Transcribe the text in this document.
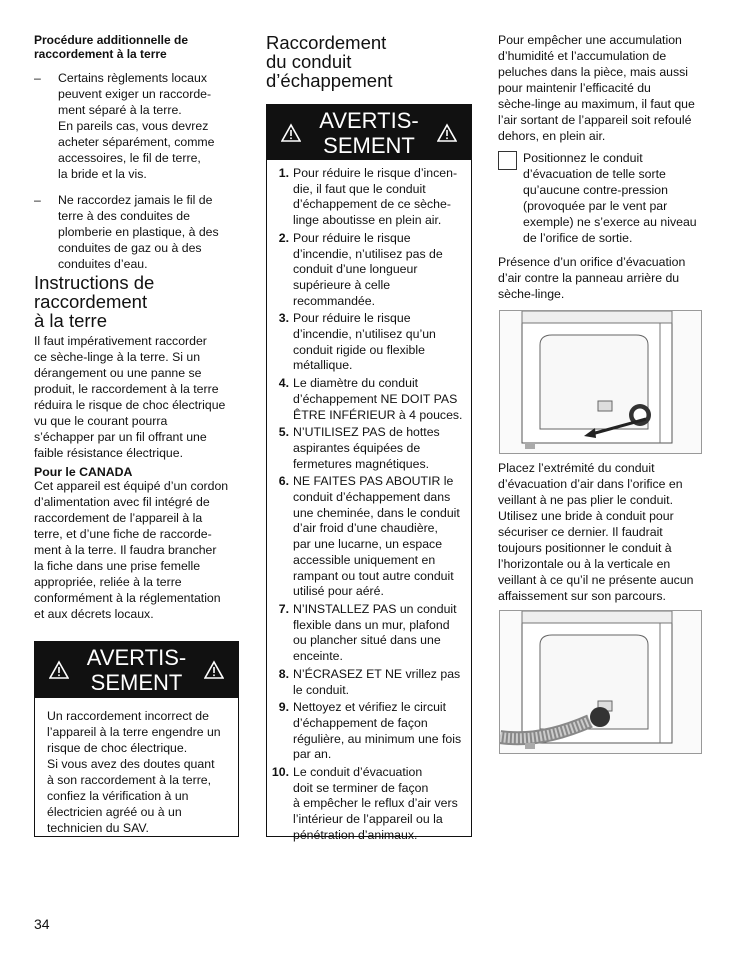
Procédure additionnelle de
raccordement à la terre

– Certains règlements locaux
peuvent exiger un raccorde-
ment séparé à la terre.
En pareils cas, vous devrez
acheter séparément, comme
accessoires, le fil de terre,
la bride et la vis.
– Ne raccordez jamais le fil de
terre à des conduites de
plomberie en plastique, à des
conduites de gaz ou à des
conduites d’eau.
Instructions de
raccordement
à la terre

Il faut impérativement raccorder
ce sèche-linge à la terre. Si un
dérangement ou une panne se
produit, le raccordement à la terre
réduira le risque de choc électrique
vu que le courant pourra
s’échapper par un fil offrant une
faible résistance électrique.

Pour le CANADA

Cet appareil est équipé d’un cordon
d’alimentation avec fil intégré de
raccordement de l’appareil à la
terre, et d’une fiche de raccorde-
ment à la terre. Il faudra brancher
la fiche dans une prise femelle
appropriée, reliée à la terre
conformément à la réglementation
et aux décrets locaux.

AVERTIS-
SEMENT

Un raccordement incorrect de
l’appareil à la terre engendre un
risque de choc électrique.
Si vous avez des doutes quant
à son raccordement à la terre,
confiez la vérification à un
électricien agréé ou à un
technicien du SAV.

Raccordement
du conduit
d’échappement
AVERTIS-
SEMENT
1. Pour réduire le risque d’incen-
die, il faut que le conduit
d’échappement de ce sèche-
linge aboutisse en plein air.
2. Pour réduire le risque
d’incendie, n’utilisez pas de
conduit d’une longueur
supérieure à celle
recommandée.
3. Pour réduire le risque
d’incendie, n’utilisez qu’un
conduit rigide ou flexible
métallique.
4. Le diamètre du conduit
d’échappement NE DOIT PAS
ÊTRE INFÉRIEUR à 4 pouces.
5. N’UTILISEZ PAS de hottes
aspirantes équipées de
fermetures magnétiques.
6. NE FAITES PAS ABOUTIR le
conduit d’échappement dans
une cheminée, dans le conduit
d’air froid d’une chaudière,
par une lucarne, un espace
accessible uniquement en
rampant ou tout autre conduit
utilisé pour aéré.
7. N’INSTALLEZ PAS un conduit
flexible dans un mur, plafond
ou plancher situé dans une
enceinte.
8. N’ÉCRASEZ ET NE vrillez pas
le conduit.
9. Nettoyez et vérifiez le circuit
d’échappement de façon
régulière, au minimum une fois
par an.
10. Le conduit d’évacuation
doit se terminer de façon
à empêcher le reflux d’air vers
l’intérieur de l’appareil ou la
pénétration d’animaux.

Pour empêcher une accumulation
d’humidité et l’accumulation de
peluches dans la pièce, mais aussi
pour maintenir l’efficacité du
sèche-linge au maximum, il faut que
l’air sortant de l’appareil soit refoulé
dehors, en plein air.

Positionnez le conduit
d’évacuation de telle sorte
qu’aucune contre-pression
(provoquée par le vent par
exemple) ne s’exerce au niveau
de l’orifice de sortie.

Présence d’un orifice d’évacuation
d’air contre la panneau arrière du
sèche-linge.

Placez l’extrémité du conduit
d’évacuation d’air dans l’orifice en
veillant à ne pas plier le conduit.
Utilisez une bride à conduit pour
sécuriser ce dernier. Il faudrait
toujours positionner le conduit à
l’horizontale ou à la verticale en
veillant à ce qu’il ne présente aucun
affaissement sur son parcours.

34
